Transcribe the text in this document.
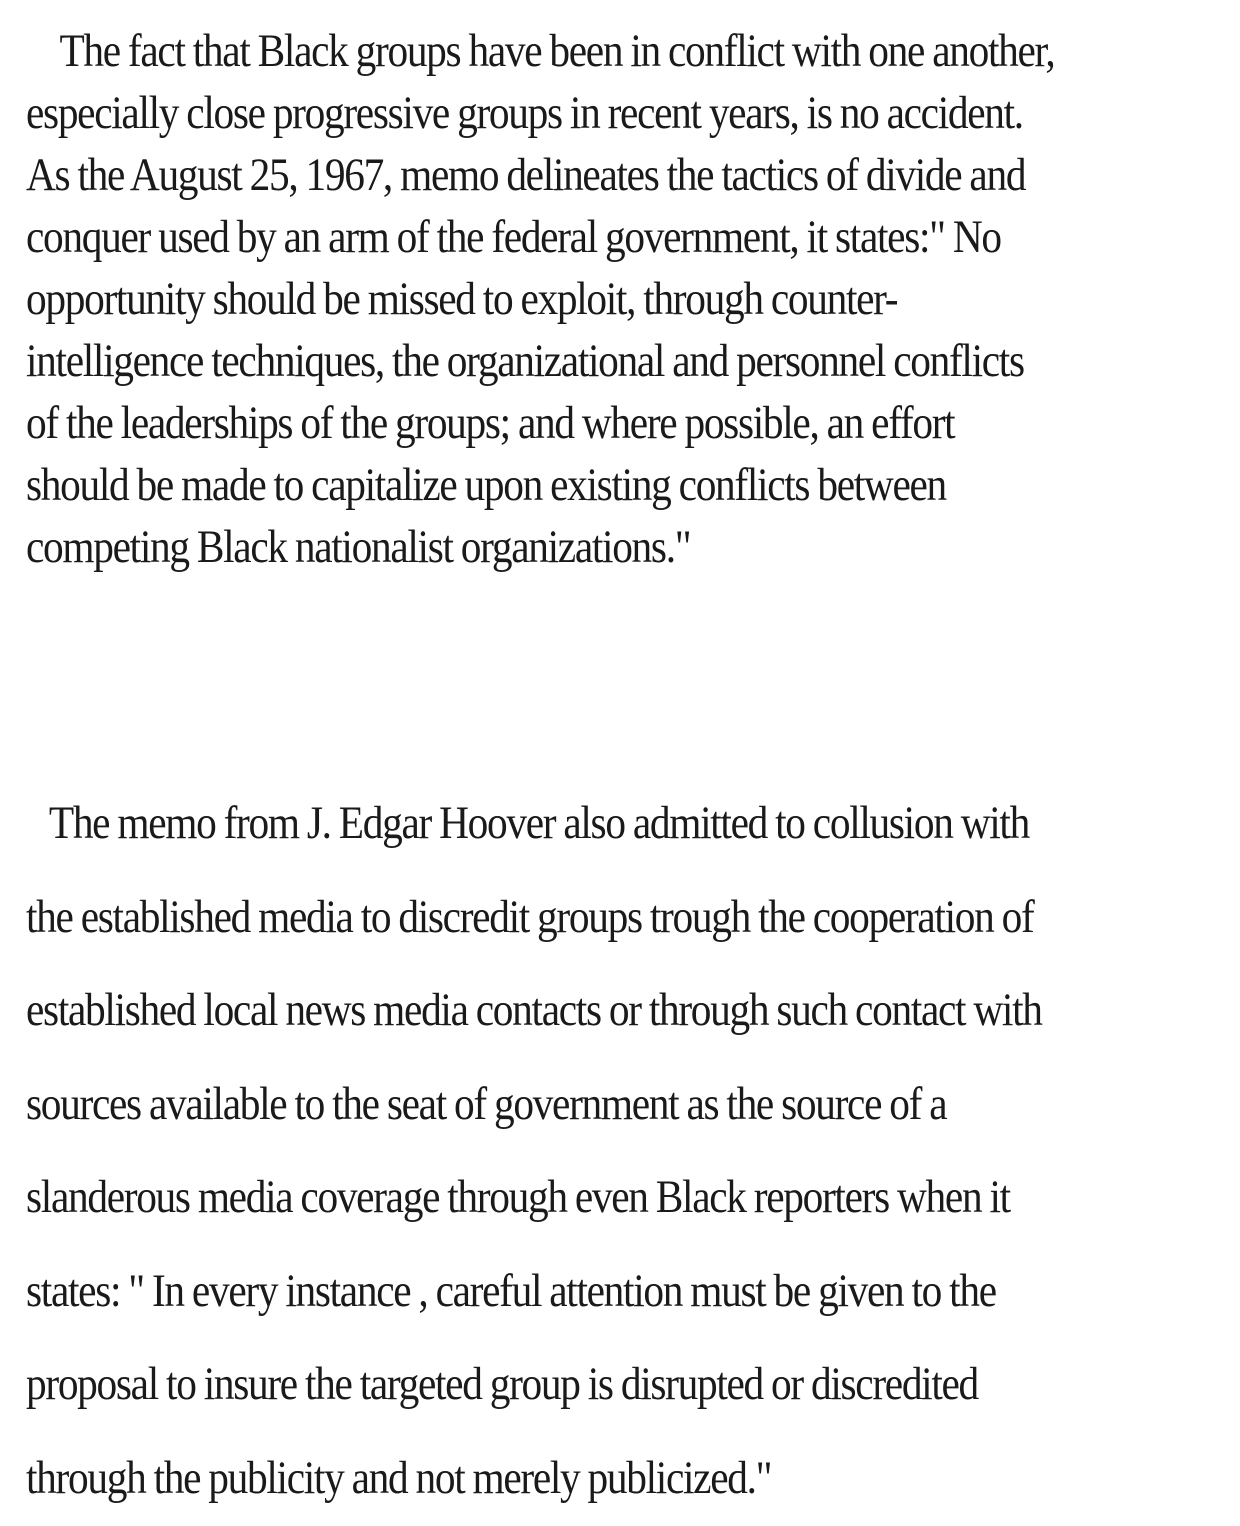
The fact that Black groups have been in conflict with one another,
especially close progressive groups in recent years, is no accident.
As the August 25, 1967, memo delineates the tactics of divide and
conquer used by an arm of the federal government, it states:" No
opportunity should be missed to exploit, through counter-
intelligence techniques, the organizational and personnel conflicts
of the leaderships of the groups; and where possible, an effort
should be made to capitalize upon existing conflicts between
competing Black nationalist organizations."
The memo from J. Edgar Hoover also admitted to collusion with
the established media to discredit groups trough the cooperation of
established local news media contacts or through such contact with
sources available to the seat of government as the source of a
slanderous media coverage through even Black reporters when it
states: " In every instance , careful attention must be given to the
proposal to insure the targeted group is disrupted or discredited
through the publicity and not merely publicized."
